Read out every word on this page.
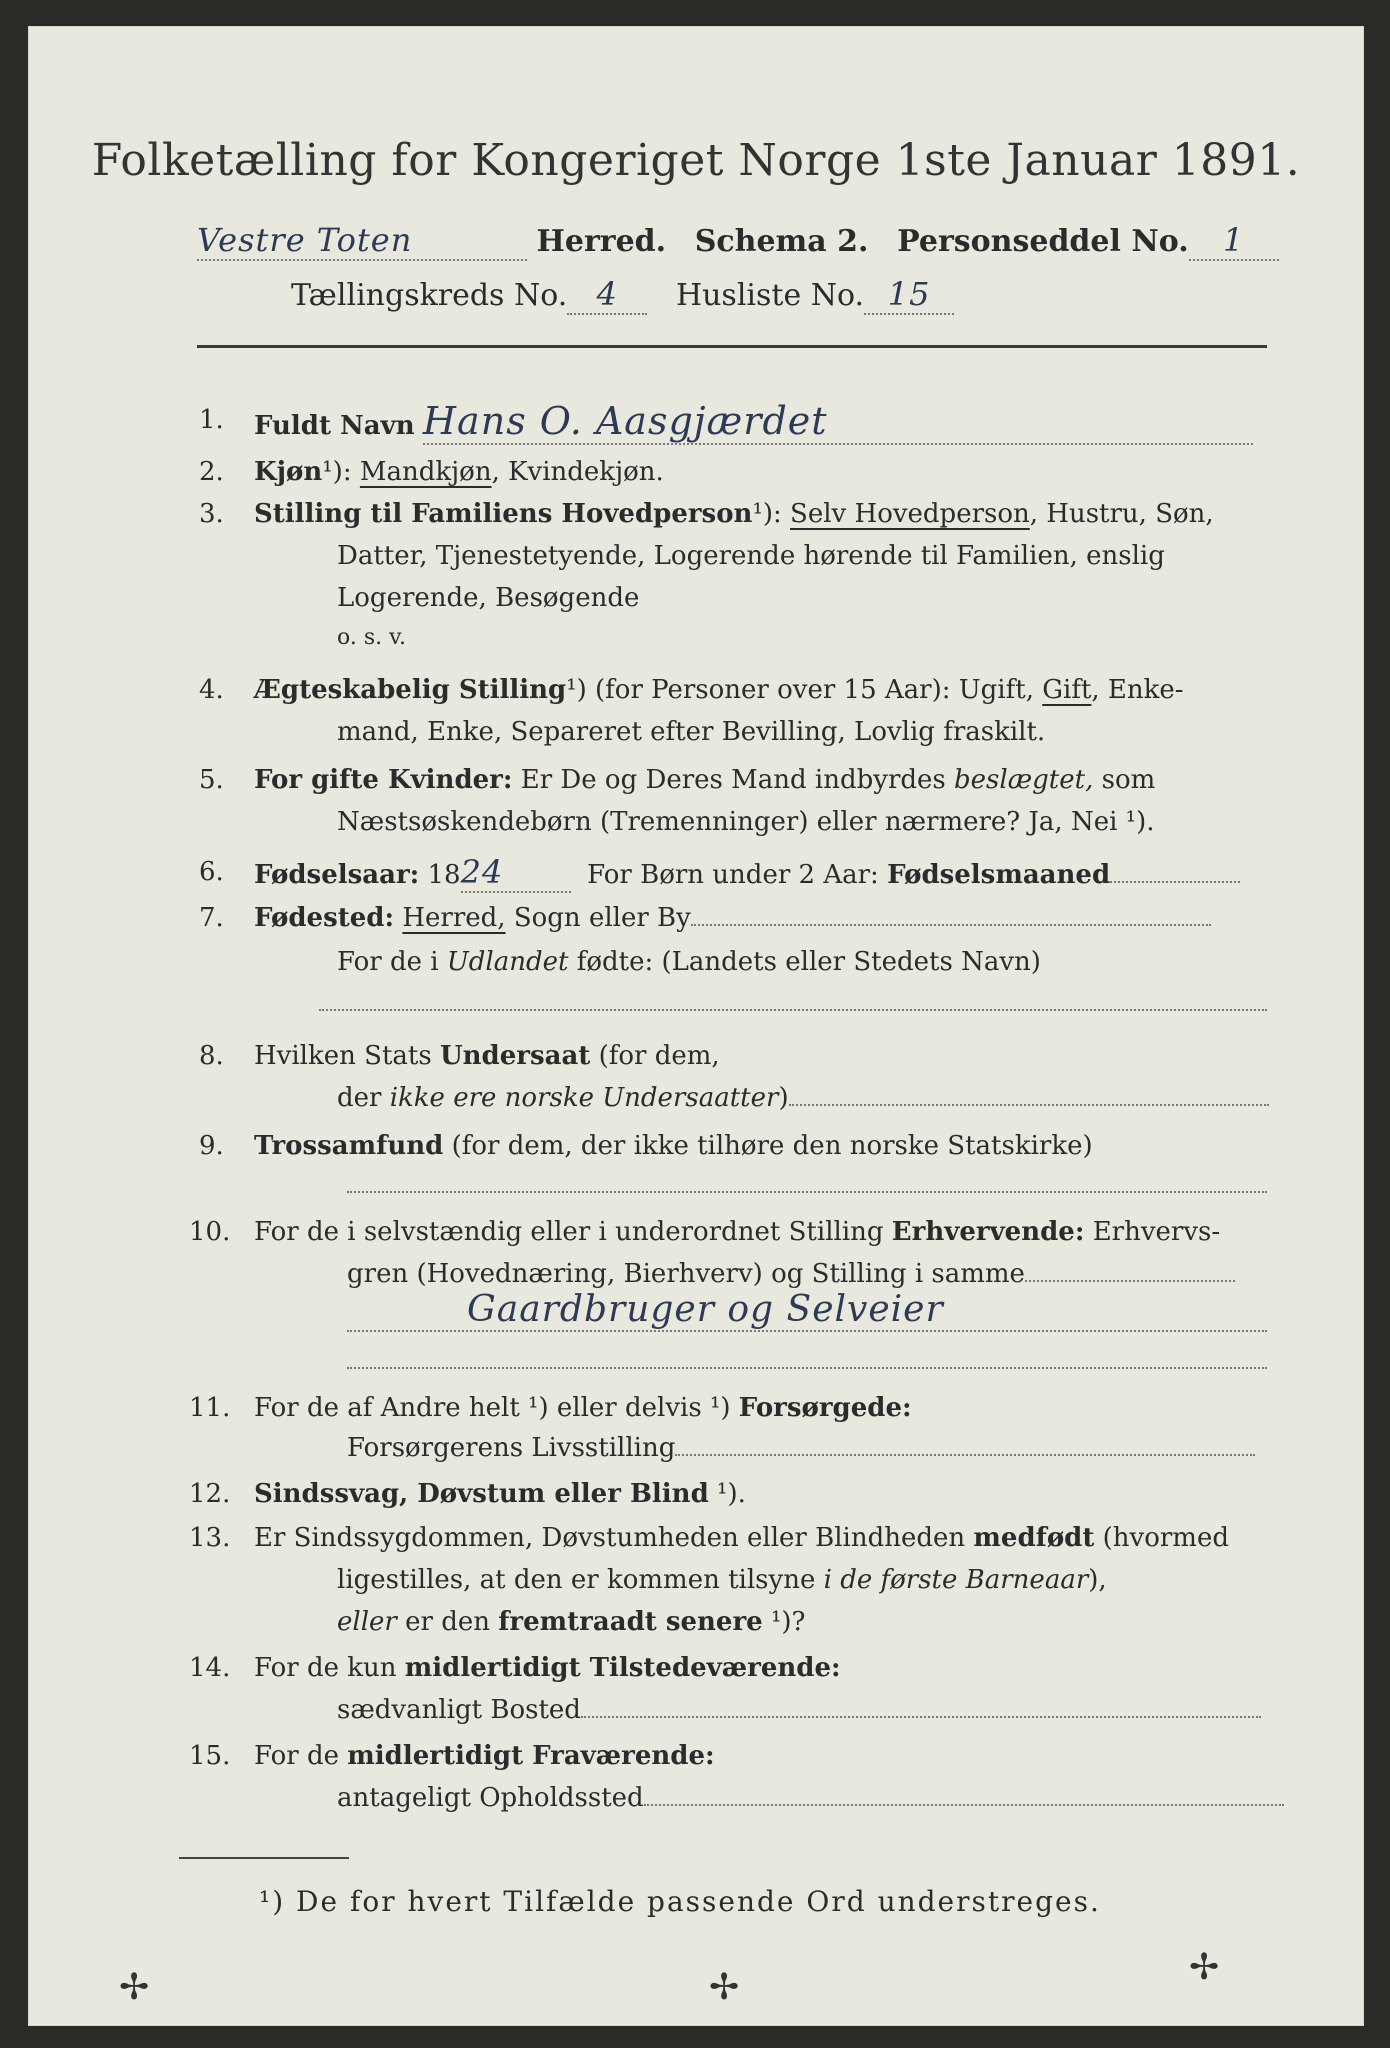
Folketælling for Kongeriget Norge 1ste Januar 1891.
Vestre Toten	Herred. Schema 2. Personseddel No. 1
Tællingskreds No. 4 Husliste No. 15
1. Fuldt Navn Hans O. Aasgjærdet
2. Kjøn¹): Mandkjøn, Kvindekjøn.
3. Stilling til Familiens Hovedperson¹): Selv Hovedperson, Hustru, Søn,
Datter, Tjenestetyende, Logerende hørende til Familien, enslig
Logerende, Besøgende
o. s. v.
4. Ægteskabelig Stilling¹) (for Personer over 15 Aar): Ugift, Gift, Enke-
mand, Enke, Separeret efter Bevilling, Lovlig fraskilt.
5. For gifte Kvinder: Er De og Deres Mand indbyrdes beslægtet, som
Næstsøskendebørn (Tremenninger) eller nærmere? Ja, Nei ¹).
6. Fødselsaar: 1824	For Børn under 2 Aar: Fødselsmaaned
7. Fødested: Herred, Sogn eller By
For de i Udlandet fødte: (Landets eller Stedets Navn)
8. Hvilken Stats Undersaat (for dem,
der ikke ere norske Undersaatter)
9. Trossamfund (for dem, der ikke tilhøre den norske Statskirke)
10. For de i selvstændig eller i underordnet Stilling Erhvervende: Erhvervs-
gren (Hovednæring, Bierhverv) og Stilling i samme
Gaardbruger og Selveier
11. For de af Andre helt ¹) eller delvis ¹) Forsørgede:
Forsørgerens Livsstilling
12. Sindssvag, Døvstum eller Blind ¹).
13. Er Sindssygdommen, Døvstumheden eller Blindheden medfødt (hvormed
ligestilles, at den er kommen tilsyne i de første Barneaar),
eller er den fremtraadt senere ¹)?
14. For de kun midlertidigt Tilstedeværende:
sædvanligt Bosted
15. For de midlertidigt Fraværende:
antageligt Opholdssted
¹) De for hvert Tilfælde passende Ord understreges.
✢	✢	✢
